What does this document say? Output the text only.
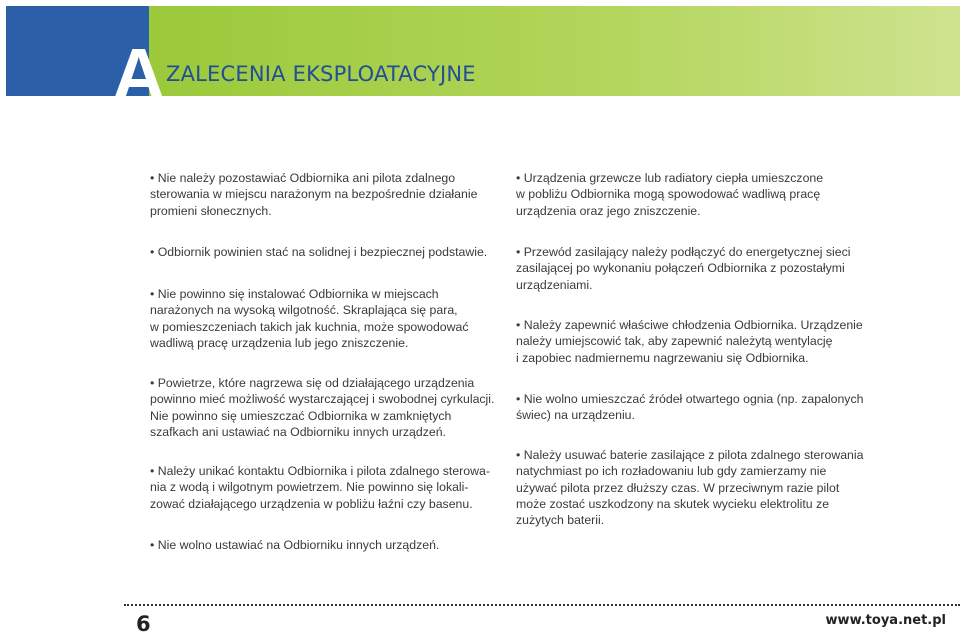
A ZALECENIA EKSPLOATACYJNE
• Nie należy pozostawiać Odbiornika ani pilota zdalnego
sterowania w miejscu narażonym na bezpośrednie działanie
promieni słonecznych.
• Odbiornik powinien stać na solidnej i bezpiecznej podstawie.
• Nie powinno się instalować Odbiornika w miejscach
narażonych na wysoką wilgotność. Skraplająca się para,
w pomieszczeniach takich jak kuchnia, może spowodować
wadliwą pracę urządzenia lub jego zniszczenie.
• Powietrze, które nagrzewa się od działającego urządzenia
powinno mieć możliwość wystarczającej i swobodnej cyrkulacji.
Nie powinno się umieszczać Odbiornika w zamkniętych
szafkach ani ustawiać na Odbiorniku innych urządzeń.
• Należy unikać kontaktu Odbiornika i pilota zdalnego sterowa-
nia z wodą i wilgotnym powietrzem. Nie powinno się lokali-
zować działającego urządzenia w pobliżu łaźni czy basenu.
• Nie wolno ustawiać na Odbiorniku innych urządzeń.
• Urządzenia grzewcze lub radiatory ciepła umieszczone
w pobliżu Odbiornika mogą spowodować wadliwą pracę
urządzenia oraz jego zniszczenie.
• Przewód zasilający należy podłączyć do energetycznej sieci
zasilającej po wykonaniu połączeń Odbiornika z pozostałymi
urządzeniami.
• Należy zapewnić właściwe chłodzenia Odbiornika. Urządzenie
należy umiejscowić tak, aby zapewnić należytą wentylację
i zapobiec nadmiernemu nagrzewaniu się Odbiornika.
• Nie wolno umieszczać źródeł otwartego ognia (np. zapalonych
świec) na urządzeniu.
• Należy usuwać baterie zasilające z pilota zdalnego sterowania
natychmiast po ich rozładowaniu lub gdy zamierzamy nie
używać pilota przez dłuższy czas. W przeciwnym razie pilot
może zostać uszkodzony na skutek wycieku elektrolitu ze
zużytych baterii.
6	www.toya.net.pl
